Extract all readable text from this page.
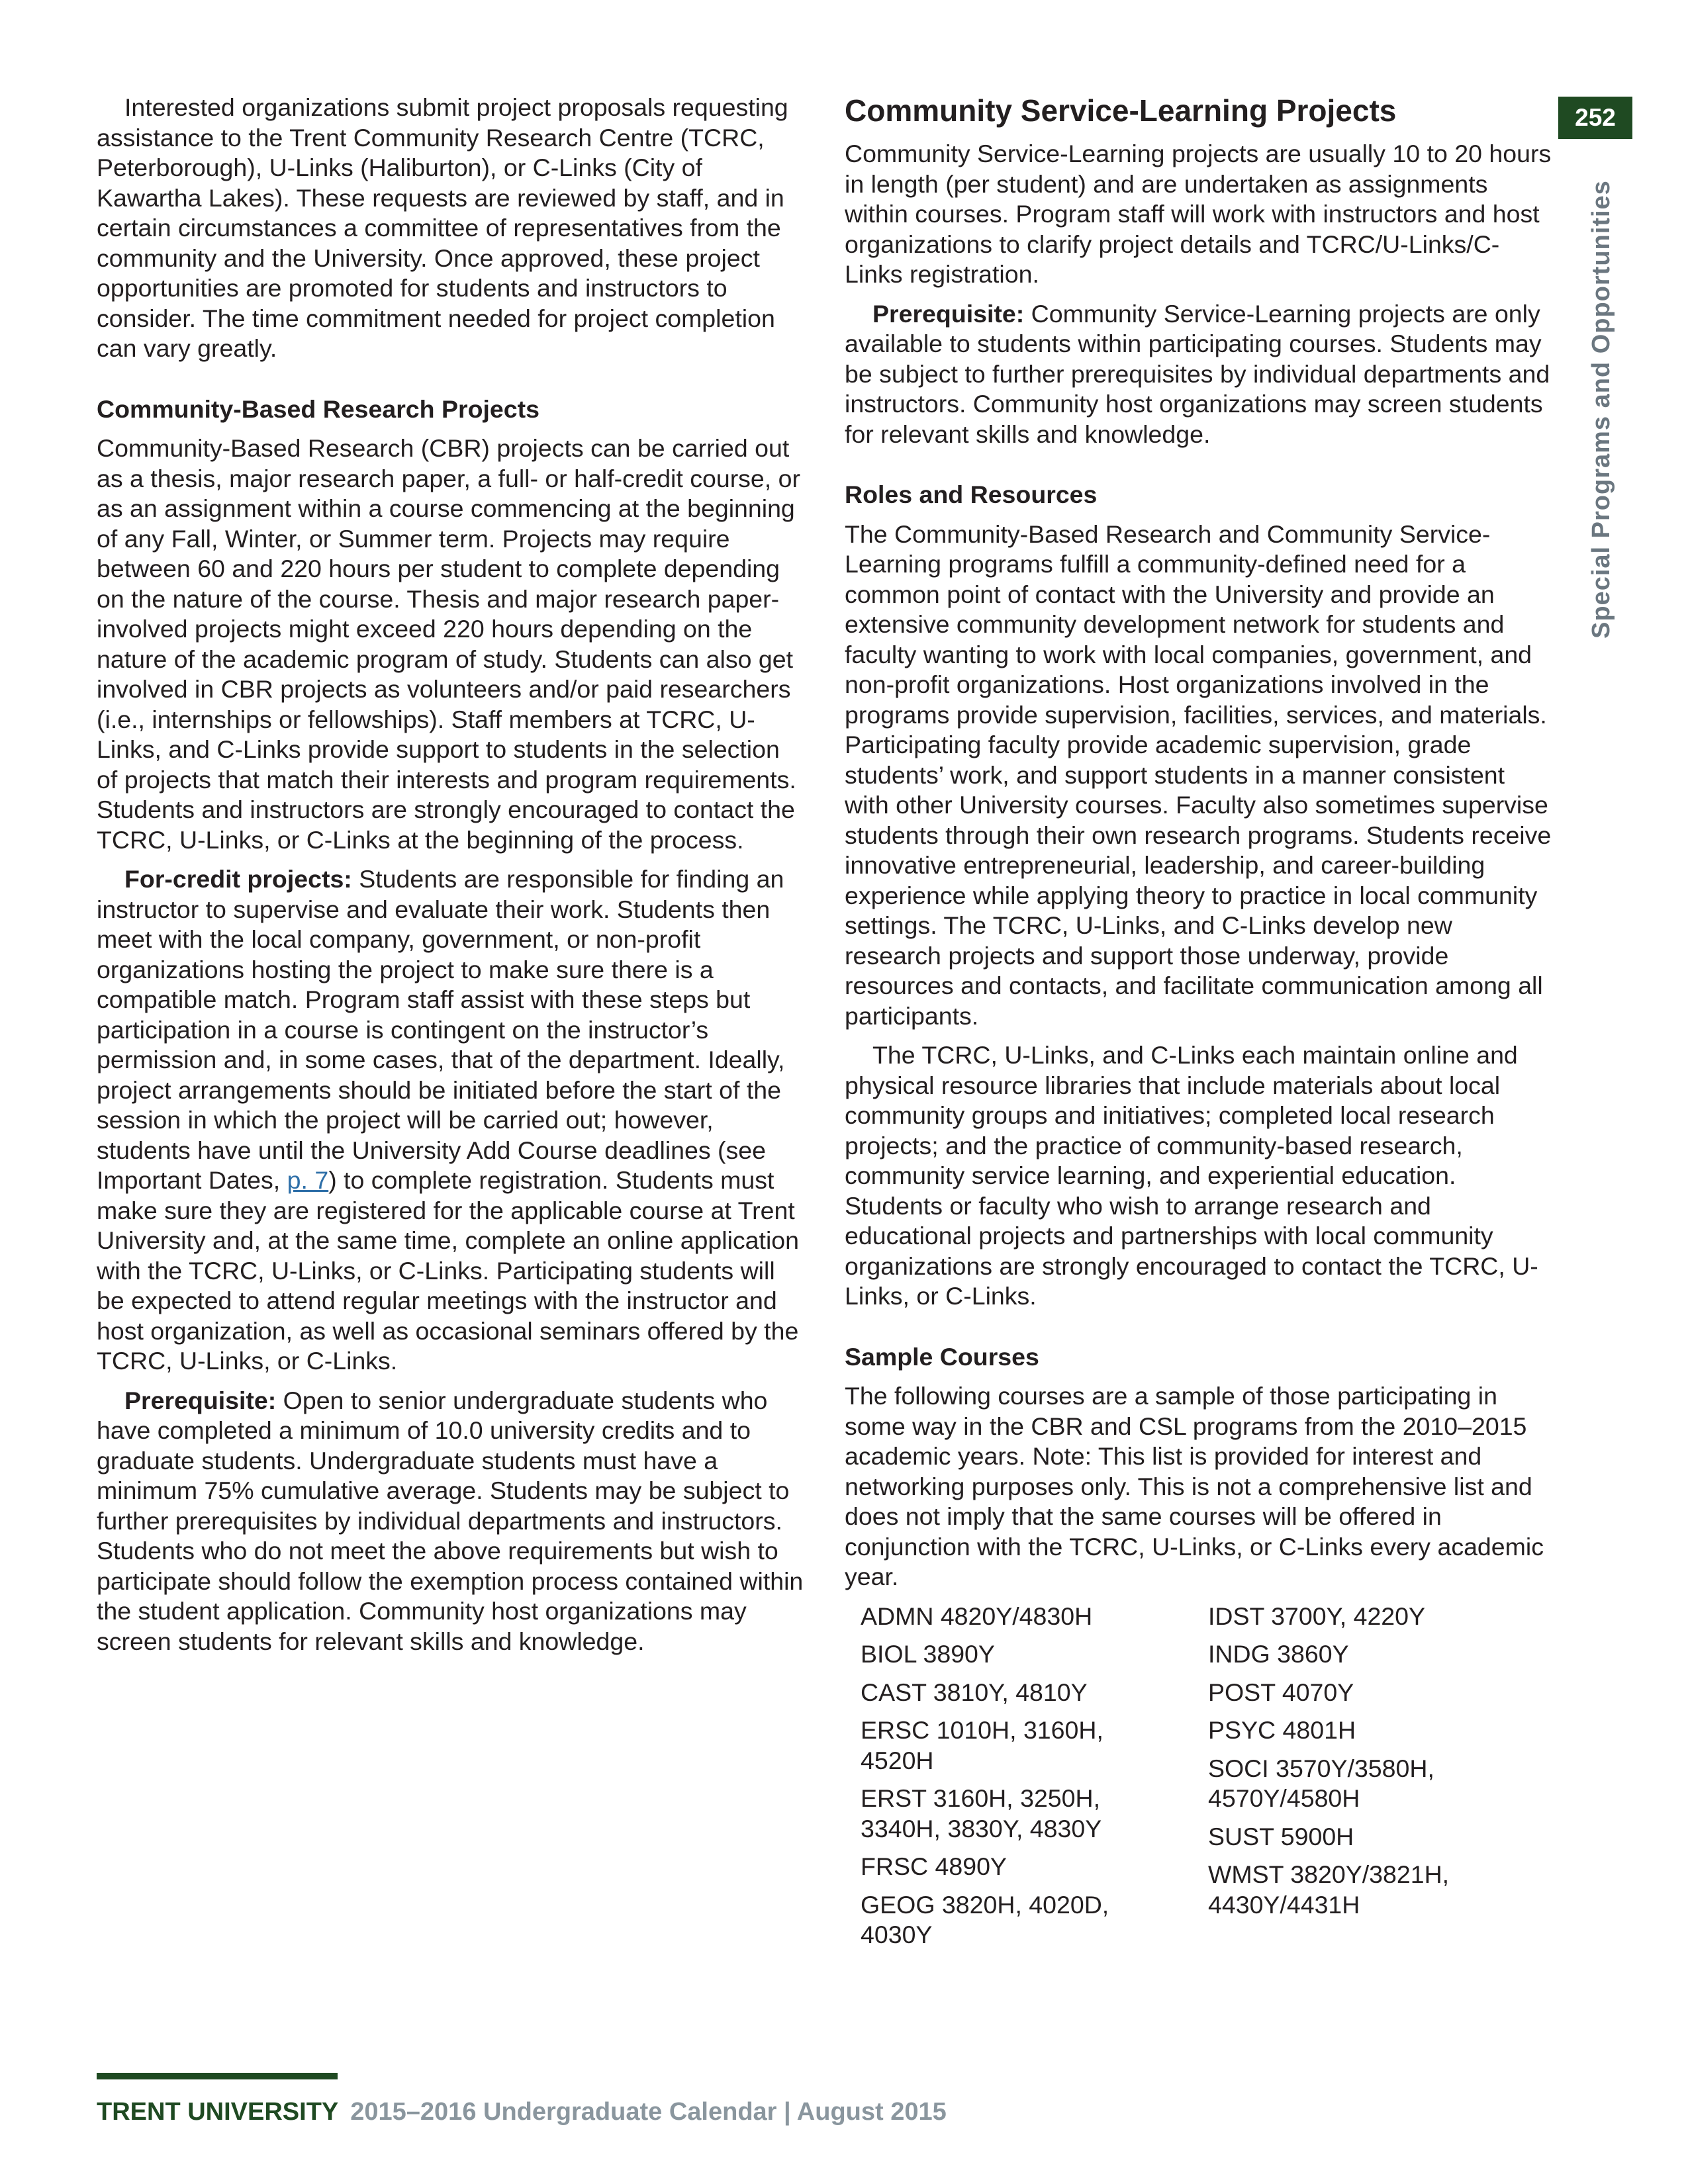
Interested organizations submit project proposals requesting assistance to the Trent Community Research Centre (TCRC, Peterborough), U-Links (Haliburton), or C-Links (City of Kawartha Lakes). These requests are reviewed by staff, and in certain circumstances a committee of representatives from the community and the University. Once approved, these project opportunities are promoted for students and instructors to consider. The time commitment needed for project completion can vary greatly.

Community-Based Research Projects

Community-Based Research (CBR) projects can be carried out as a thesis, major research paper, a full- or half-credit course, or as an assignment within a course commencing at the beginning of any Fall, Winter, or Summer term. Projects may require between 60 and 220 hours per student to complete depending on the nature of the course. Thesis and major research paper-involved projects might exceed 220 hours depending on the nature of the academic program of study. Students can also get involved in CBR projects as volunteers and/or paid researchers (i.e., internships or fellowships). Staff members at TCRC, U-Links, and C-Links provide support to students in the selection of projects that match their interests and program requirements. Students and instructors are strongly encouraged to contact the TCRC, U-Links, or C-Links at the beginning of the process.

For-credit projects: Students are responsible for finding an instructor to supervise and evaluate their work. Students then meet with the local company, government, or non-profit organizations hosting the project to make sure there is a compatible match. Program staff assist with these steps but participation in a course is contingent on the instructor’s permission and, in some cases, that of the department. Ideally, project arrangements should be initiated before the start of the session in which the project will be carried out; however, students have until the University Add Course deadlines (see Important Dates, p. 7) to complete registration. Students must make sure they are registered for the applicable course at Trent University and, at the same time, complete an online application with the TCRC, U-Links, or C-Links. Participating students will be expected to attend regular meetings with the instructor and host organization, as well as occasional seminars offered by the TCRC, U-Links, or C-Links.

Prerequisite: Open to senior undergraduate students who have completed a minimum of 10.0 university credits and to graduate students. Undergraduate students must have a minimum 75% cumulative average. Students may be subject to further prerequisites by individual departments and instructors. Students who do not meet the above requirements but wish to participate should follow the exemption process contained within the student application. Community host organizations may screen students for relevant skills and knowledge.

Community Service-Learning Projects

Community Service-Learning projects are usually 10 to 20 hours in length (per student) and are undertaken as assignments within courses. Program staff will work with instructors and host organizations to clarify project details and TCRC/U-Links/C-Links registration.

Prerequisite: Community Service-Learning projects are only available to students within participating courses. Students may be subject to further prerequisites by individual departments and instructors. Community host organizations may screen students for relevant skills and knowledge.

Roles and Resources

The Community-Based Research and Community Service-Learning programs fulfill a community-defined need for a common point of contact with the University and provide an extensive community development network for students and faculty wanting to work with local companies, government, and non-profit organizations. Host organizations involved in the programs provide supervision, facilities, services, and materials. Participating faculty provide academic supervision, grade students’ work, and support students in a manner consistent with other University courses. Faculty also sometimes supervise students through their own research programs. Students receive innovative entrepreneurial, leadership, and career-building experience while applying theory to practice in local community settings. The TCRC, U-Links, and C-Links develop new research projects and support those underway, provide resources and contacts, and facilitate communication among all participants.

The TCRC, U-Links, and C-Links each maintain online and physical resource libraries that include materials about local community groups and initiatives; completed local research projects; and the practice of community-based research, community service learning, and experiential education. Students or faculty who wish to arrange research and educational projects and partnerships with local community organizations are strongly encouraged to contact the TCRC, U-Links, or C-Links.

Sample Courses

The following courses are a sample of those participating in some way in the CBR and CSL programs from the 2010–2015 academic years. Note: This list is provided for interest and networking purposes only. This is not a comprehensive list and does not imply that the same courses will be offered in conjunction with the TCRC, U-Links, or C-Links every academic year.

ADMN 4820Y/4830H
BIOL 3890Y
CAST 3810Y, 4810Y
ERSC 1010H, 3160H, 4520H
ERST 3160H, 3250H, 3340H, 3830Y, 4830Y
FRSC 4890Y
GEOG 3820H, 4020D, 4030Y
IDST 3700Y, 4220Y
INDG 3860Y
POST 4070Y
PSYC 4801H
SOCI 3570Y/3580H, 4570Y/4580H
SUST 5900H
WMST 3820Y/3821H, 4430Y/4431H
252
Special Programs and Opportunities
TRENT UNIVERSITY 2015–2016 Undergraduate Calendar | August 2015
